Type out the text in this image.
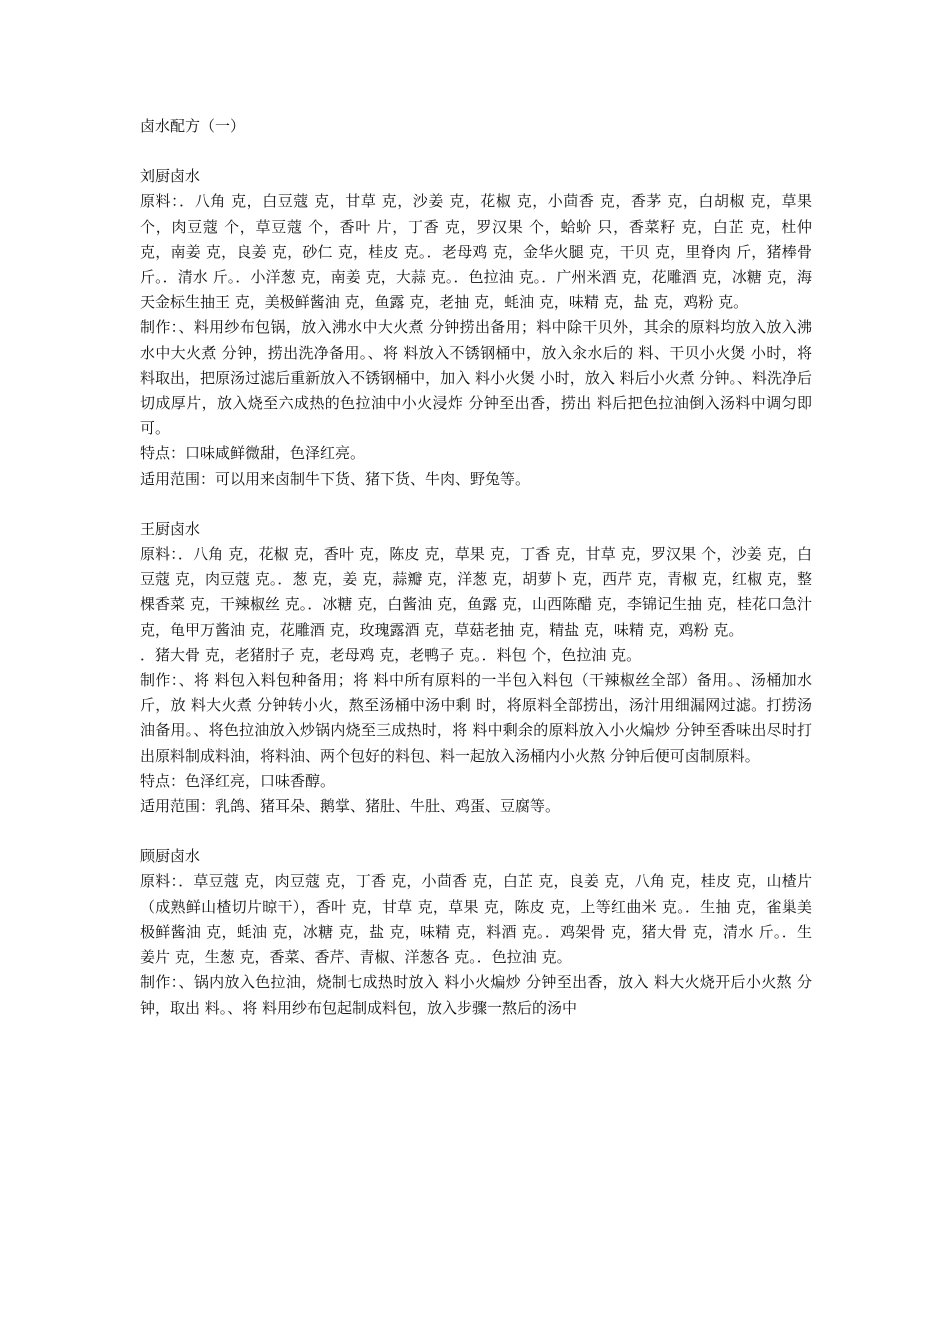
卤水配方（一）
刘厨卤水
原料：．八角 克，白豆蔻 克，甘草 克，沙姜 克，花椒 克，小茴香 克，香茅 克，白胡椒 克，草果 个，肉豆蔻 个，草豆蔻 个，香叶 片，丁香 克，罗汉果 个，蛤蚧 只，香菜籽 克，白芷 克，杜仲 克，南姜 克，良姜 克，砂仁 克，桂皮 克。．老母鸡 克，金华火腿 克，干贝 克，里脊肉 斤，猪棒骨 斤。．清水 斤。．小洋葱 克，南姜 克，大蒜 克。．色拉油 克。．广州米酒 克，花雕酒 克，冰糖 克，海天金标生抽王 克，美极鲜酱油 克，鱼露 克，老抽 克，蚝油 克，味精 克，盐 克，鸡粉 克。
制作：、料用纱布包锅，放入沸水中大火煮 分钟捞出备用；料中除干贝外，其余的原料均放入放入沸水中大火煮 分钟，捞出洗净备用。、将 料放入不锈钢桶中，放入汆水后的 料、干贝小火煲 小时，将 料取出，把原汤过滤后重新放入不锈钢桶中，加入 料小火煲 小时，放入 料后小火煮 分钟。、料洗净后切成厚片，放入烧至六成热的色拉油中小火浸炸 分钟至出香，捞出 料后把色拉油倒入汤料中调匀即可。
特点：口味咸鲜微甜，色泽红亮。
适用范围：可以用来卤制牛下货、猪下货、牛肉、野兔等。
王厨卤水
原料：．八角 克，花椒 克，香叶 克，陈皮 克，草果 克，丁香 克，甘草 克，罗汉果 个，沙姜 克，白豆蔻 克，肉豆蔻 克。．葱 克，姜 克，蒜瓣 克，洋葱 克，胡萝卜 克，西芹 克，青椒 克，红椒 克，整棵香菜 克，干辣椒丝 克。．冰糖 克，白酱油 克，鱼露 克，山西陈醋 克，李锦记生抽 克，桂花口急汁 克，龟甲万酱油 克，花雕酒 克，玫瑰露酒 克，草菇老抽 克，精盐 克，味精 克，鸡粉 克。
．猪大骨 克，老猪肘子 克，老母鸡 克，老鸭子 克。．料包 个，色拉油 克。
制作：、将 料包入料包种备用；将 料中所有原料的一半包入料包（干辣椒丝全部）备用。、汤桶加水 斤，放 料大火煮 分钟转小火，熬至汤桶中汤中剩 时，将原料全部捞出，汤汁用细漏网过滤。打捞汤油备用。、将色拉油放入炒锅内烧至三成热时，将 料中剩余的原料放入小火煸炒 分钟至香味出尽时打出原料制成料油，将料油、两个包好的料包、料一起放入汤桶内小火熬 分钟后便可卤制原料。
特点：色泽红亮，口味香醇。
适用范围：乳鸽、猪耳朵、鹅掌、猪肚、牛肚、鸡蛋、豆腐等。
顾厨卤水
原料：．草豆蔻 克，肉豆蔻 克，丁香 克，小茴香 克，白芷 克，良姜 克，八角 克，桂皮 克，山楂片（成熟鲜山楂切片晾干），香叶 克，甘草 克，草果 克，陈皮 克，上等红曲米 克。．生抽 克，雀巢美极鲜酱油 克，蚝油 克，冰糖 克，盐 克，味精 克，料酒 克。．鸡架骨 克，猪大骨 克，清水 斤。．生姜片 克，生葱 克，香菜、香芹、青椒、洋葱各 克。．色拉油 克。
制作：、锅内放入色拉油，烧制七成热时放入 料小火煸炒 分钟至出香，放入 料大火烧开后小火熬 分钟，取出 料。、将 料用纱布包起制成料包，放入步骤一熬后的汤中
